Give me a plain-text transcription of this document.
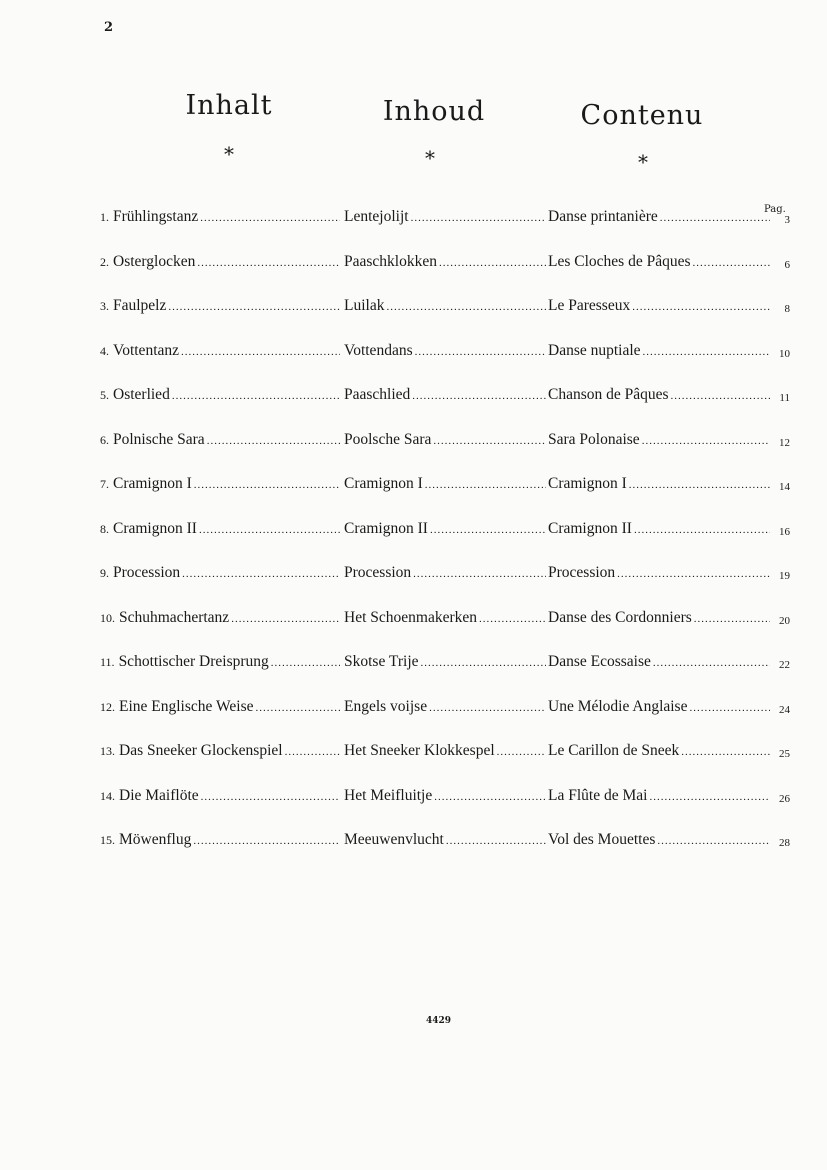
2
Inhalt	Inhoud	Contenu
*	*	*
Pag.
1. Frühlingstanz .....	Lentejolijt .....	Danse printanière .....	3
2. Osterglocken .....	Paaschklokken .....	Les Cloches de Pâques .....	6
3. Faulpelz .....	Luilak .....	Le Paresseux .....	8
4. Vottentanz .....	Vottendans .....	Danse nuptiale .....	10
5. Osterlied .....	Paaschlied .....	Chanson de Pâques .....	11
6. Polnische Sara .....	Poolsche Sara .....	Sara Polonaise .....	12
7. Cramignon I .....	Cramignon I .....	Cramignon I .....	14
8. Cramignon II .....	Cramignon II .....	Cramignon II .....	16
9. Procession .....	Procession .....	Procession .....	19
10. Schuhmachertanz .....	Het Schoenmakerken .....	Danse des Cordonniers .....	20
11. Schottischer Dreisprung .....	Skotse Trije .....	Danse Ecossaise .....	22
12. Eine Englische Weise .....	Engels voijse .....	Une Mélodie Anglaise .....	24
13. Das Sneeker Glockenspiel .....	Het Sneeker Klokkespel .....	Le Carillon de Sneek .....	25
14. Die Maiflöte .....	Het Meifluitje .....	La Flûte de Mai .....	26
15. Möwenflug .....	Meeuwenvlucht .....	Vol des Mouettes .....	28
4429
